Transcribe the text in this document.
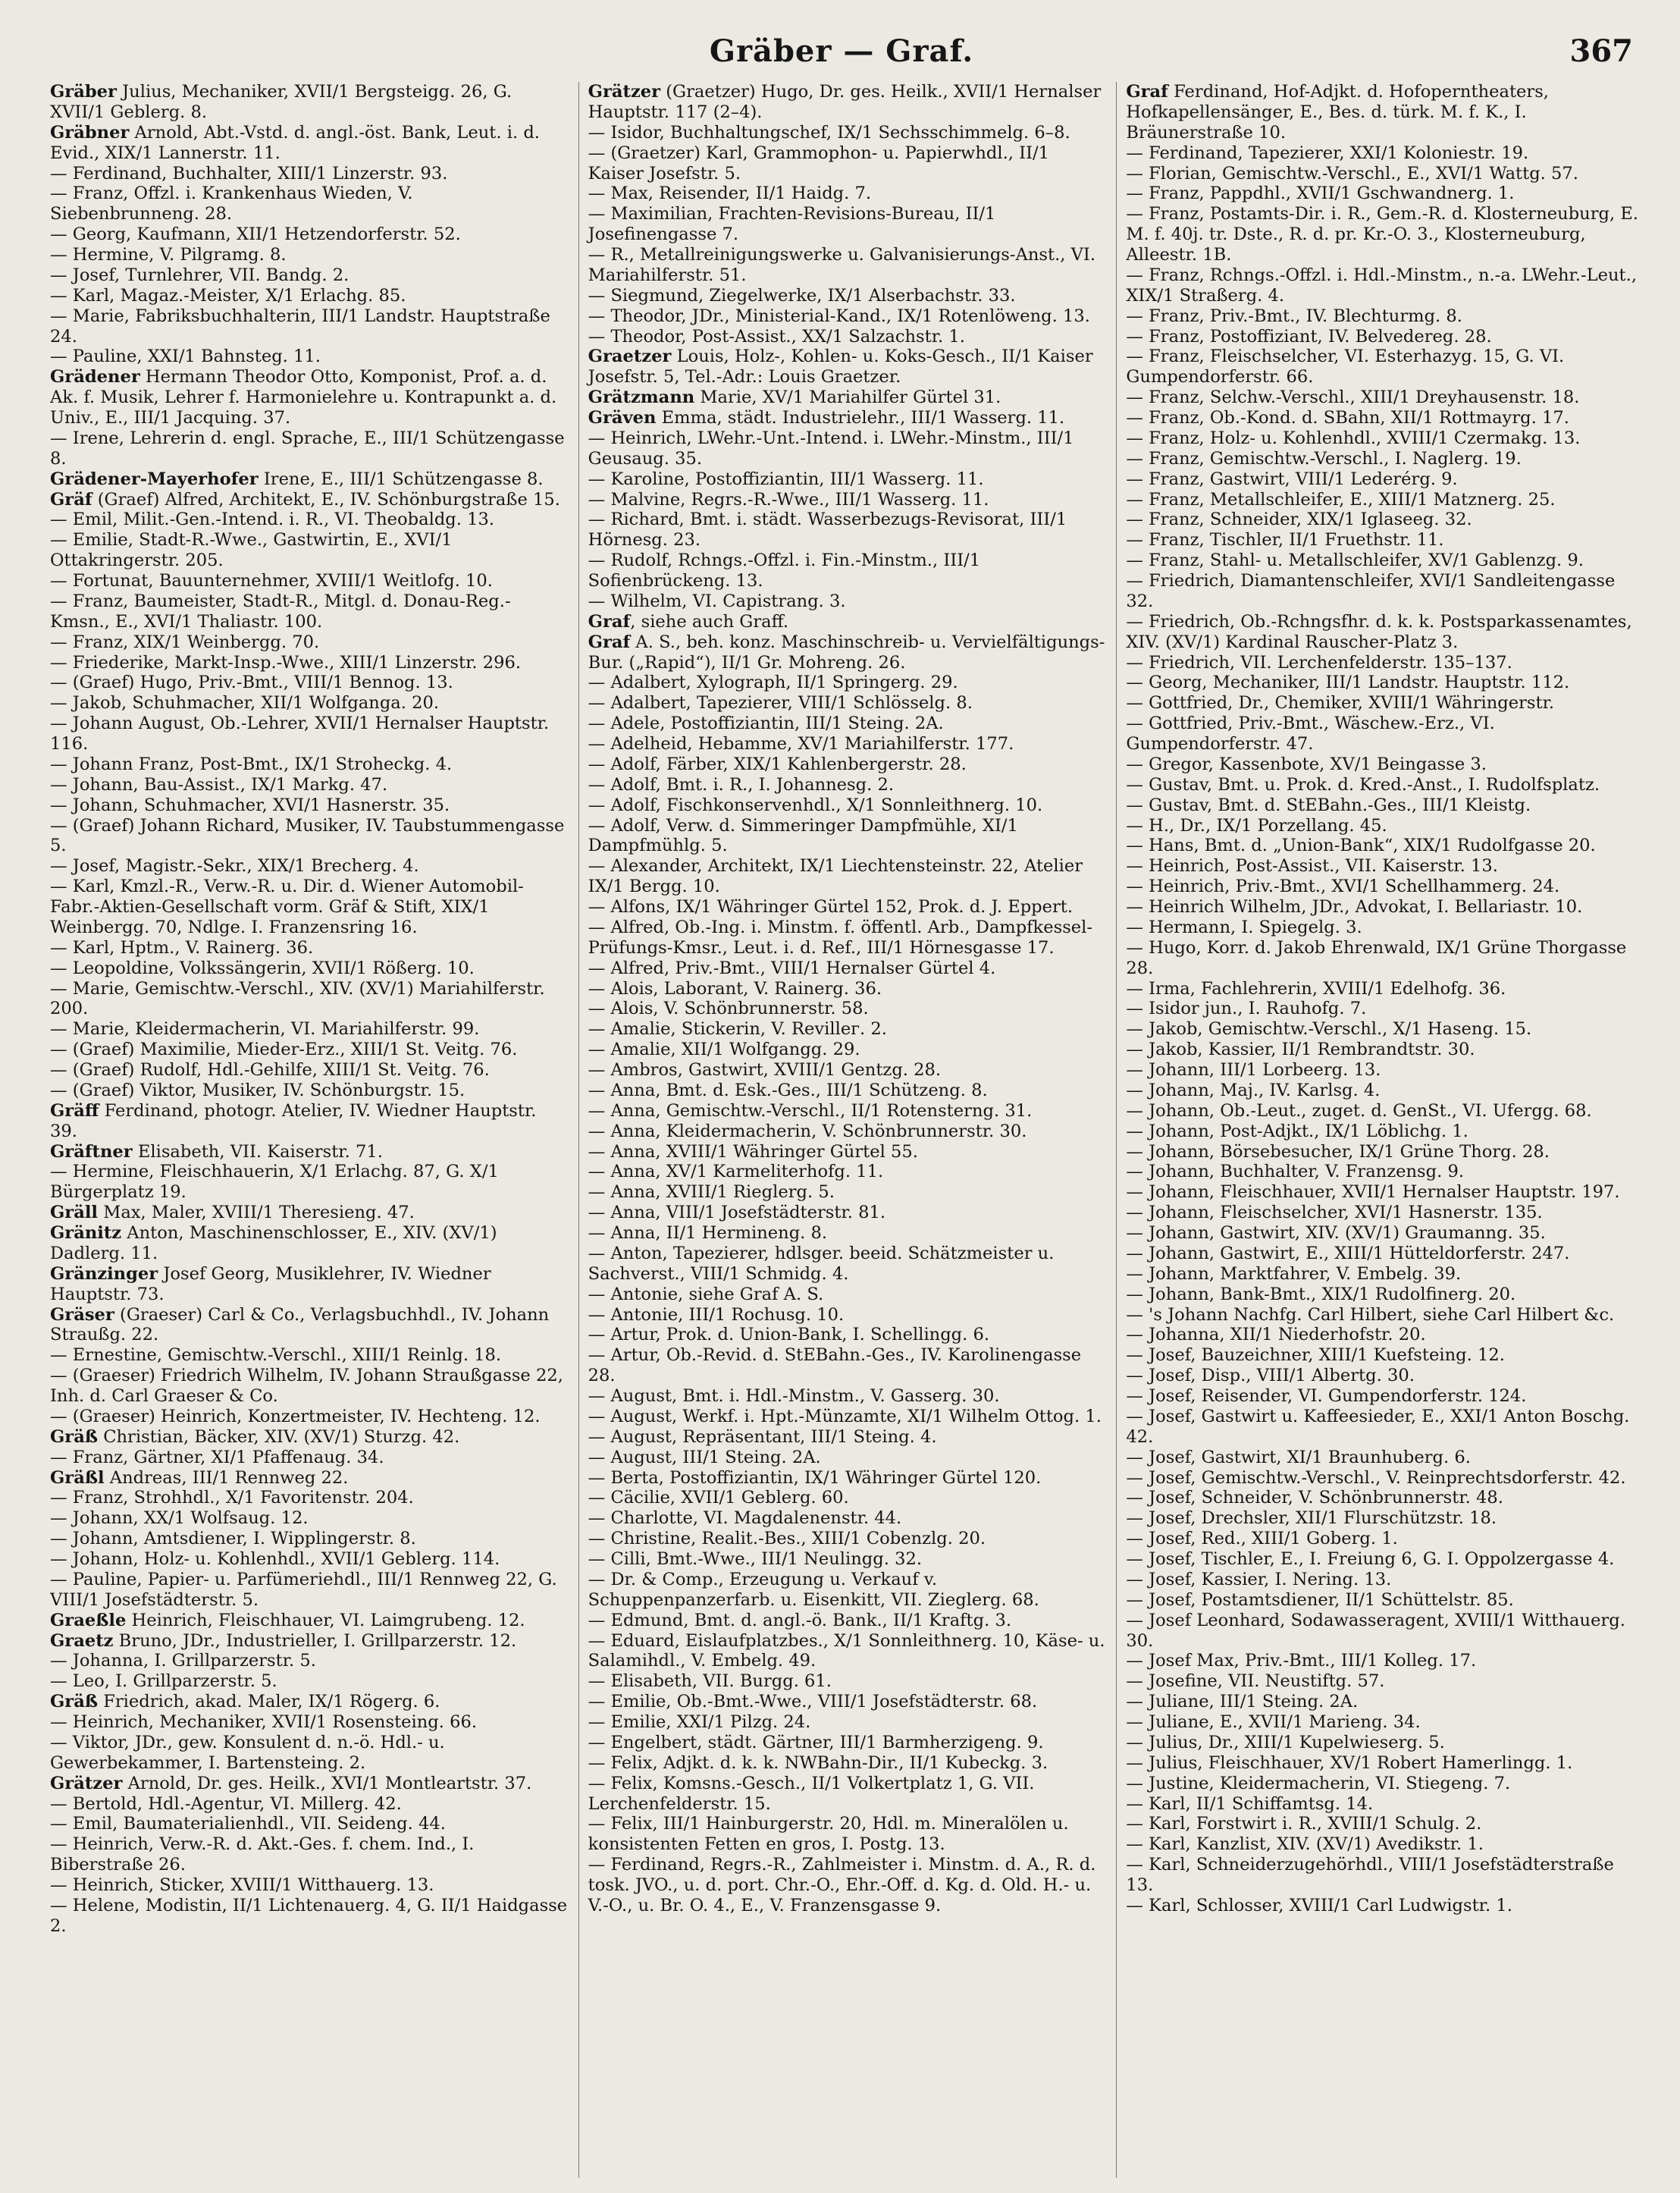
Gräber — Graf.	367

Gräber Julius, Mechaniker, XVII/1 Bergsteigg. 26, G. XVII/1 Geblerg. 8.

Gräbner Arnold, Abt.-Vstd. d. angl.-öst. Bank, Leut. i. d. Evid., XIX/1 Lannerstr. 11.

— Ferdinand, Buchhalter, XIII/1 Linzerstr. 93.

— Franz, Offzl. i. Krankenhaus Wieden, V. Siebenbrunneng. 28.

— Georg, Kaufmann, XII/1 Hetzendorferstr. 52.

— Hermine, V. Pilgramg. 8.

— Josef, Turnlehrer, VII. Bandg. 2.

— Karl, Magaz.-Meister, X/1 Erlachg. 85.

— Marie, Fabriksbuchhalterin, III/1 Landstr. Hauptstraße 24.

— Pauline, XXI/1 Bahnsteg. 11.

Grädener Hermann Theodor Otto, Komponist, Prof. a. d. Ak. f. Musik, Lehrer f. Harmonielehre u. Kontrapunkt a. d. Univ., E., III/1 Jacquing. 37.

— Irene, Lehrerin d. engl. Sprache, E., III/1 Schützengasse 8.

Grädener-Mayerhofer Irene, E., III/1 Schützengasse 8.

Gräf (Graef) Alfred, Architekt, E., IV. Schönburgstraße 15.

— Emil, Milit.-Gen.-Intend. i. R., VI. Theobaldg. 13.

— Emilie, Stadt-R.-Wwe., Gastwirtin, E., XVI/1 Ottakringerstr. 205.

— Fortunat, Bauunternehmer, XVIII/1 Weitlofg. 10.

— Franz, Baumeister, Stadt-R., Mitgl. d. Donau-Reg.-Kmsn., E., XVI/1 Thaliastr. 100.

— Franz, XIX/1 Weinbergg. 70.

— Friederike, Markt-Insp.-Wwe., XIII/1 Linzerstr. 296.

— (Graef) Hugo, Priv.-Bmt., VIII/1 Bennog. 13.

— Jakob, Schuhmacher, XII/1 Wolfganga. 20.

— Johann August, Ob.-Lehrer, XVII/1 Hernalser Hauptstr. 116.

— Johann Franz, Post-Bmt., IX/1 Stroheckg. 4.

— Johann, Bau-Assist., IX/1 Markg. 47.

— Johann, Schuhmacher, XVI/1 Hasnerstr. 35.

— (Graef) Johann Richard, Musiker, IV. Taubstummengasse 5.

— Josef, Magistr.-Sekr., XIX/1 Brecherg. 4.

— Karl, Kmzl.-R., Verw.-R. u. Dir. d. Wiener Automobil-Fabr.-Aktien-Gesellschaft vorm. Gräf & Stift, XIX/1 Weinbergg. 70, Ndlge. I. Franzensring 16.

— Karl, Hptm., V. Rainerg. 36.

— Leopoldine, Volkssängerin, XVII/1 Rößerg. 10.

— Marie, Gemischtw.-Verschl., XIV. (XV/1) Mariahilferstr. 200.

— Marie, Kleidermacherin, VI. Mariahilferstr. 99.

— (Graef) Maximilie, Mieder-Erz., XIII/1 St. Veitg. 76.

— (Graef) Rudolf, Hdl.-Gehilfe, XIII/1 St. Veitg. 76.

— (Graef) Viktor, Musiker, IV. Schönburgstr. 15.

Gräff Ferdinand, photogr. Atelier, IV. Wiedner Hauptstr. 39.

Gräftner Elisabeth, VII. Kaiserstr. 71.

— Hermine, Fleischhauerin, X/1 Erlachg. 87, G. X/1 Bürgerplatz 19.

Gräll Max, Maler, XVIII/1 Theresieng. 47.

Gränitz Anton, Maschinenschlosser, E., XIV. (XV/1) Dadlerg. 11.

Gränzinger Josef Georg, Musiklehrer, IV. Wiedner Hauptstr. 73.

Gräser (Graeser) Carl & Co., Verlagsbuchhdl., IV. Johann Straußg. 22.

— Ernestine, Gemischtw.-Verschl., XIII/1 Reinlg. 18.

— (Graeser) Friedrich Wilhelm, IV. Johann Straußgasse 22, Inh. d. Carl Graeser & Co.

— (Graeser) Heinrich, Konzertmeister, IV. Hechteng. 12.

Gräß Christian, Bäcker, XIV. (XV/1) Sturzg. 42.

— Franz, Gärtner, XI/1 Pfaffenaug. 34.

Gräßl Andreas, III/1 Rennweg 22.

— Franz, Strohhdl., X/1 Favoritenstr. 204.

— Johann, XX/1 Wolfsaug. 12.

— Johann, Amtsdiener, I. Wipplingerstr. 8.

— Johann, Holz- u. Kohlenhdl., XVII/1 Geblerg. 114.

— Pauline, Papier- u. Parfümeriehdl., III/1 Rennweg 22, G. VIII/1 Josefstädterstr. 5.

Graeßle Heinrich, Fleischhauer, VI. Laimgrubeng. 12.

Graetz Bruno, JDr., Industrieller, I. Grillparzerstr. 12.

— Johanna, I. Grillparzerstr. 5.

— Leo, I. Grillparzerstr. 5.

Gräß Friedrich, akad. Maler, IX/1 Rögerg. 6.

— Heinrich, Mechaniker, XVII/1 Rosensteing. 66.

— Viktor, JDr., gew. Konsulent d. n.-ö. Hdl.- u. Gewerbekammer, I. Bartensteing. 2.

Grätzer Arnold, Dr. ges. Heilk., XVI/1 Montleartstr. 37.

— Bertold, Hdl.-Agentur, VI. Millerg. 42.

— Emil, Baumaterialienhdl., VII. Seideng. 44.

— Heinrich, Verw.-R. d. Akt.-Ges. f. chem. Ind., I. Biberstraße 26.

— Heinrich, Sticker, XVIII/1 Witthauerg. 13.

— Helene, Modistin, II/1 Lichtenauerg. 4, G. II/1 Haidgasse 2.

Grätzer (Graetzer) Hugo, Dr. ges. Heilk., XVII/1 Hernalser Hauptstr. 117 (2–4).

— Isidor, Buchhaltungschef, IX/1 Sechsschimmelg. 6–8.

— (Graetzer) Karl, Grammophon- u. Papierwhdl., II/1 Kaiser Josefstr. 5.

— Max, Reisender, II/1 Haidg. 7.

— Maximilian, Frachten-Revisions-Bureau, II/1 Josefinengasse 7.

— R., Metallreinigungswerke u. Galvanisierungs-Anst., VI. Mariahilferstr. 51.

— Siegmund, Ziegelwerke, IX/1 Alserbachstr. 33.

— Theodor, JDr., Ministerial-Kand., IX/1 Rotenlöweng. 13.

— Theodor, Post-Assist., XX/1 Salzachstr. 1.

Graetzer Louis, Holz-, Kohlen- u. Koks-Gesch., II/1 Kaiser Josefstr. 5, Tel.-Adr.: Louis Graetzer.

Grätzmann Marie, XV/1 Mariahilfer Gürtel 31.

Gräven Emma, städt. Industrielehr., III/1 Wasserg. 11.

— Heinrich, LWehr.-Unt.-Intend. i. LWehr.-Minstm., III/1 Geusaug. 35.

— Karoline, Postoffiziantin, III/1 Wasserg. 11.

— Malvine, Regrs.-R.-Wwe., III/1 Wasserg. 11.

— Richard, Bmt. i. städt. Wasserbezugs-Revisorat, III/1 Hörnesg. 23.

— Rudolf, Rchngs.-Offzl. i. Fin.-Minstm., III/1 Sofienbrückeng. 13.

— Wilhelm, VI. Capistrang. 3.

Graf, siehe auch Graff.

Graf A. S., beh. konz. Maschinschreib- u. Vervielfältigungs-Bur. („Rapid“), II/1 Gr. Mohreng. 26.

— Adalbert, Xylograph, II/1 Springerg. 29.

— Adalbert, Tapezierer, VIII/1 Schlösselg. 8.

— Adele, Postoffiziantin, III/1 Steing. 2A.

— Adelheid, Hebamme, XV/1 Mariahilferstr. 177.

— Adolf, Färber, XIX/1 Kahlenbergerstr. 28.

— Adolf, Bmt. i. R., I. Johannesg. 2.

— Adolf, Fischkonservenhdl., X/1 Sonnleithnerg. 10.

— Adolf, Verw. d. Simmeringer Dampfmühle, XI/1 Dampfmühlg. 5.

— Alexander, Architekt, IX/1 Liechtensteinstr. 22, Atelier IX/1 Bergg. 10.

— Alfons, IX/1 Währinger Gürtel 152, Prok. d. J. Eppert.

— Alfred, Ob.-Ing. i. Minstm. f. öffentl. Arb., Dampfkessel-Prüfungs-Kmsr., Leut. i. d. Ref., III/1 Hörnesgasse 17.

— Alfred, Priv.-Bmt., VIII/1 Hernalser Gürtel 4.

— Alois, Laborant, V. Rainerg. 36.

— Alois, V. Schönbrunnerstr. 58.

— Amalie, Stickerin, V. Revillег. 2.

— Amalie, XII/1 Wolfgangg. 29.

— Ambros, Gastwirt, XVIII/1 Gentzg. 28.

— Anna, Bmt. d. Esk.-Ges., III/1 Schützeng. 8.

— Anna, Gemischtw.-Verschl., II/1 Rotensterng. 31.

— Anna, Kleidermacherin, V. Schönbrunnerstr. 30.

— Anna, XVIII/1 Währinger Gürtel 55.

— Anna, XV/1 Karmeliterhofg. 11.

— Anna, XVIII/1 Rieglerg. 5.

— Anna, VIII/1 Josefstädterstr. 81.

— Anna, II/1 Hermineng. 8.

— Anton, Tapezierer, hdlsger. beeid. Schätzmeister u. Sachverst., VIII/1 Schmidg. 4.

— Antonie, siehe Graf A. S.

— Antonie, III/1 Rochusg. 10.

— Artur, Prok. d. Union-Bank, I. Schellingg. 6.

— Artur, Ob.-Revid. d. StEBahn.-Ges., IV. Karolinengasse 28.

— August, Bmt. i. Hdl.-Minstm., V. Gasserg. 30.

— August, Werkf. i. Hpt.-Münzamte, XI/1 Wilhelm Ottog. 1.

— August, Repräsentant, III/1 Steing. 4.

— August, III/1 Steing. 2A.

— Berta, Postoffiziantin, IX/1 Währinger Gürtel 120.

— Cäcilie, XVII/1 Geblerg. 60.

— Charlotte, VI. Magdalenenstr. 44.

— Christine, Realit.-Bes., XIII/1 Cobenzlg. 20.

— Cilli, Bmt.-Wwe., III/1 Neulingg. 32.

— Dr. & Comp., Erzeugung u. Verkauf v. Schuppenpanzerfarb. u. Eisenkitt, VII. Zieglerg. 68.

— Edmund, Bmt. d. angl.-ö. Bank., II/1 Kraftg. 3.

— Eduard, Eislaufplatzbes., X/1 Sonnleithnerg. 10, Käse- u. Salamihdl., V. Embelg. 49.

— Elisabeth, VII. Burgg. 61.

— Emilie, Ob.-Bmt.-Wwe., VIII/1 Josefstädterstr. 68.

— Emilie, XXI/1 Pilzg. 24.

— Engelbert, städt. Gärtner, III/1 Barmherzigeng. 9.

— Felix, Adjkt. d. k. k. NWBahn-Dir., II/1 Kubeckg. 3.

— Felix, Komsns.-Gesch., II/1 Volkertplatz 1, G. VII. Lerchenfelderstr. 15.

— Felix, III/1 Hainburgerstr. 20, Hdl. m. Mineralölen u. konsistenten Fetten en gros, I. Postg. 13.

— Ferdinand, Regrs.-R., Zahlmeister i. Minstm. d. A., R. d. tosk. JVO., u. d. port. Chr.-O., Ehr.-Off. d. Kg. d. Old. H.- u. V.-O., u. Br. O. 4., E., V. Franzensgasse 9.

Graf Ferdinand, Hof-Adjkt. d. Hofoperntheaters, Hofkapellensänger, E., Bes. d. türk. M. f. K., I. Bräunerstraße 10.

— Ferdinand, Tapezierer, XXI/1 Koloniestr. 19.

— Florian, Gemischtw.-Verschl., E., XVI/1 Wattg. 57.

— Franz, Pappdhl., XVII/1 Gschwandnerg. 1.

— Franz, Postamts-Dir. i. R., Gem.-R. d. Klosterneuburg, E. M. f. 40j. tr. Dste., R. d. pr. Kr.-O. 3., Klosterneuburg, Alleestr. 1B.

— Franz, Rchngs.-Offzl. i. Hdl.-Minstm., n.-a. LWehr.-Leut., XIX/1 Straßerg. 4.

— Franz, Priv.-Bmt., IV. Blechturmg. 8.

— Franz, Postoffiziant, IV. Belvederеg. 28.

— Franz, Fleischselcher, VI. Esterhazyg. 15, G. VI. Gumpendorferstr. 66.

— Franz, Selchw.-Verschl., XIII/1 Dreyhausenstr. 18.

— Franz, Ob.-Kond. d. SBahn, XII/1 Rottmayrg. 17.

— Franz, Holz- u. Kohlenhdl., XVIII/1 Czermakg. 13.

— Franz, Gemischtw.-Verschl., I. Naglerg. 19.

— Franz, Gastwirt, VIII/1 Lederérg. 9.

— Franz, Metallschleifer, E., XIII/1 Matznerg. 25.

— Franz, Schneider, XIX/1 Iglaseeg. 32.

— Franz, Tischler, II/1 Fruethstr. 11.

— Franz, Stahl- u. Metallschleifer, XV/1 Gablenzg. 9.

— Friedrich, Diamantenschleifer, XVI/1 Sandleitengasse 32.

— Friedrich, Ob.-Rchngsfhr. d. k. k. Postsparkassenamtes, XIV. (XV/1) Kardinal Rauscher-Platz 3.

— Friedrich, VII. Lerchenfelderstr. 135–137.

— Georg, Mechaniker, III/1 Landstr. Hauptstr. 112.

— Gottfried, Dr., Chemiker, XVIII/1 Währingerstr.

— Gottfried, Priv.-Bmt., Wäschew.-Erz., VI. Gumpendorferstr. 47.

— Gregor, Kassenbote, XV/1 Beingasse 3.

— Gustav, Bmt. u. Prok. d. Kred.-Anst., I. Rudolfsplatz.

— Gustav, Bmt. d. StEBahn.-Ges., III/1 Kleistg.

— H., Dr., IX/1 Porzellang. 45.

— Hans, Bmt. d. „Union-Bank“, XIX/1 Rudolfgasse 20.

— Heinrich, Post-Assist., VII. Kaiserstr. 13.

— Heinrich, Priv.-Bmt., XVI/1 Schellhammerg. 24.

— Heinrich Wilhelm, JDr., Advokat, I. Bellariastr. 10.

— Hermann, I. Spiegelg. 3.

— Hugo, Korr. d. Jakob Ehrenwald, IX/1 Grüne Thorgasse 28.

— Irma, Fachlehrerin, XVIII/1 Edelhofg. 36.

— Isidor jun., I. Rauhofg. 7.

— Jakob, Gemischtw.-Verschl., X/1 Haseng. 15.

— Jakob, Kassier, II/1 Rembrandtstr. 30.

— Johann, III/1 Lorbeerg. 13.

— Johann, Maj., IV. Karlsg. 4.

— Johann, Ob.-Leut., zuget. d. GenSt., VI. Ufergg. 68.

— Johann, Post-Adjkt., IX/1 Löblichg. 1.

— Johann, Börsebesucher, IX/1 Grüne Thorg. 28.

— Johann, Buchhalter, V. Franzensg. 9.

— Johann, Fleischhauer, XVII/1 Hernalser Hauptstr. 197.

— Johann, Fleischselcher, XVI/1 Hasnerstr. 135.

— Johann, Gastwirt, XIV. (XV/1) Graumanng. 35.

— Johann, Gastwirt, E., XIII/1 Hütteldorferstr. 247.

— Johann, Marktfahrer, V. Embelg. 39.

— Johann, Bank-Bmt., XIX/1 Rudolfinerg. 20.

— 's Johann Nachfg. Carl Hilbert, siehe Carl Hilbert &c.

— Johanna, XII/1 Niederhofstr. 20.

— Josef, Bauzeichner, XIII/1 Kuefsteing. 12.

— Josef, Disp., VIII/1 Albertg. 30.

— Josef, Reisender, VI. Gumpendorferstr. 124.

— Josef, Gastwirt u. Kaffeesieder, E., XXI/1 Anton Boschg. 42.

— Josef, Gastwirt, XI/1 Braunhuberg. 6.

— Josef, Gemischtw.-Verschl., V. Reinprechtsdorferstr. 42.

— Josef, Schneider, V. Schönbrunnerstr. 48.

— Josef, Drechsler, XII/1 Flurschützstr. 18.

— Josef, Red., XIII/1 Goberg. 1.

— Josef, Tischler, E., I. Freiung 6, G. I. Oppolzergasse 4.

— Josef, Kassier, I. Nering. 13.

— Josef, Postamtsdiener, II/1 Schüttelstr. 85.

— Josef Leonhard, Sodawasseragent, XVIII/1 Witthauerg. 30.

— Josef Max, Priv.-Bmt., III/1 Kolleg. 17.

— Josefine, VII. Neustiftg. 57.

— Juliane, III/1 Steing. 2A.

— Juliane, E., XVII/1 Marieng. 34.

— Julius, Dr., XIII/1 Kupelwieserg. 5.

— Julius, Fleischhauer, XV/1 Robert Hamerlingg. 1.

— Justine, Kleidermacherin, VI. Stiegeng. 7.

— Karl, II/1 Schiffamtsg. 14.

— Karl, Forstwirt i. R., XVIII/1 Schulg. 2.

— Karl, Kanzlist, XIV. (XV/1) Avedikstr. 1.

— Karl, Schneiderzugehörhdl., VIII/1 Josefstädterstraße 13.

— Karl, Schlosser, XVIII/1 Carl Ludwigstr. 1.
